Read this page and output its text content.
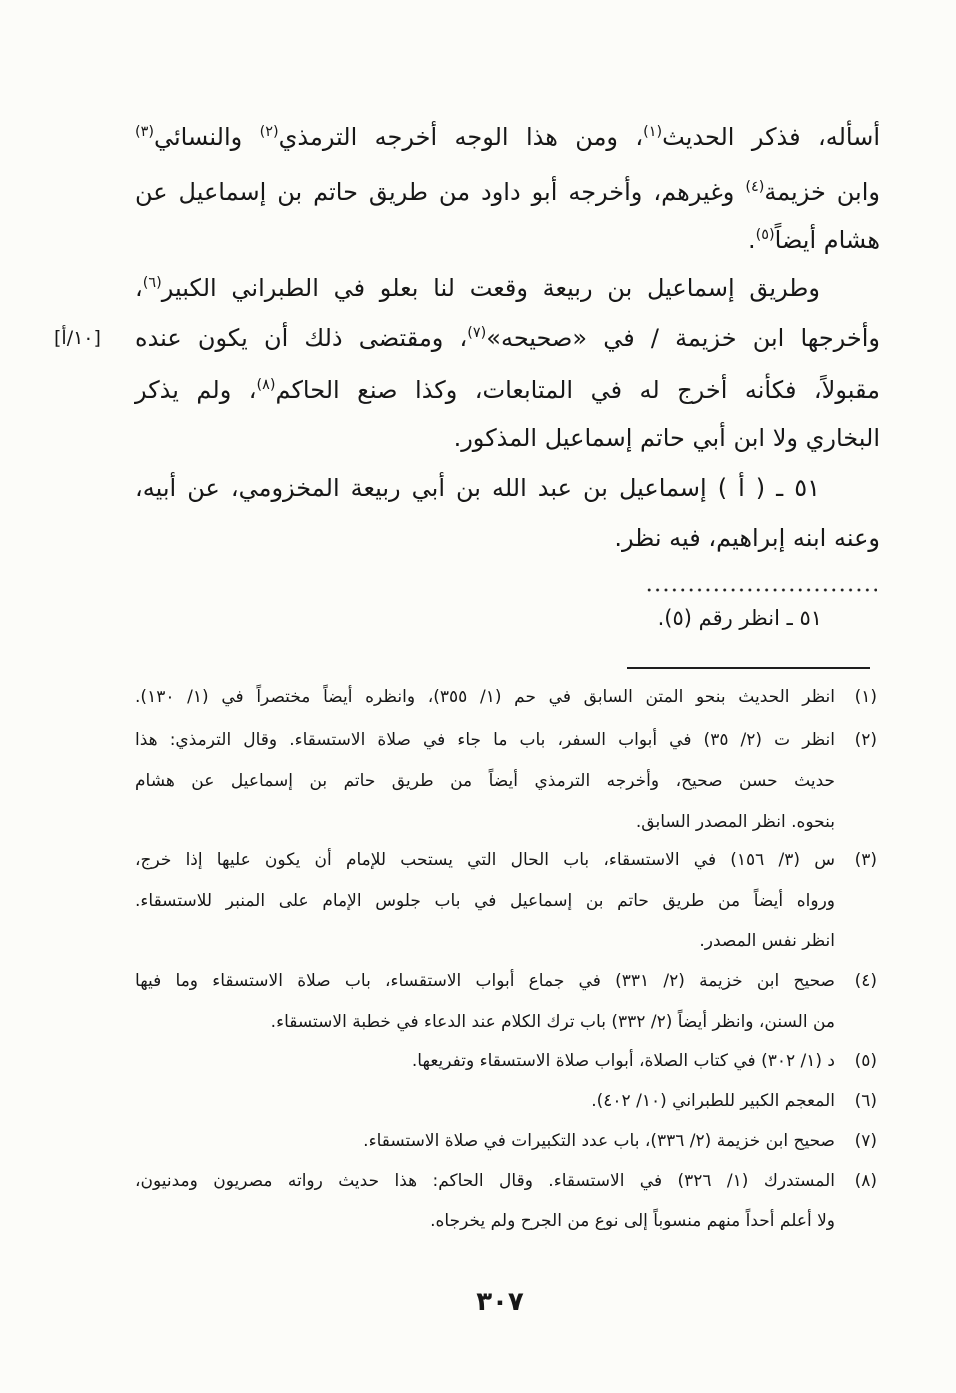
أسأله، فذكر الحديث$^{(١)}$، ومن هذا الوجه أخرجه الترمذي$^{(٢)}$ والنسائي$^{(٣)}$
وابن خزيمة$^{(٤)}$ وغيرهم، وأخرجه أبو داود من طريق حاتم بن إسماعيل عن
هشام أيضاً$^{(٥)}$.
وطريق إسماعيل بن ربيعة وقعت لنا بعلو في الطبراني الكبير$^{(٦)}$،
وأخرجها ابن خزيمة / في «صحيحه»$^{(٧)}$، ومقتضى ذلك أن يكون عنده
[١٠/أ]
مقبولاً، فكأنه أخرج له في المتابعات، وكذا صنع الحاكم$^{(٨)}$، ولم يذكر
البخاري ولا ابن أبي حاتم إسماعيل المذكور.
٥١ ـ ( أ ) إسماعيل بن عبد الله بن أبي ربيعة المخزومي، عن أبيه،
وعنه ابنه إبراهيم، فيه نظر.
٥١ ـ انظر رقم (٥).
(١)
انظر الحديث بنحو المتن السابق في حم (١/ ٣٥٥)، وانظره أيضاً مختصراً في (١/ ١٣٠).
(٢)
انظر ت (٢/ ٣٥) في أبواب السفر، باب ما جاء في صلاة الاستسقاء. وقال الترمذي: هذا
حديث حسن صحيح، وأخرجه الترمذي أيضاً من طريق حاتم بن إسماعيل عن هشام
بنحوه. انظر المصدر السابق.
(٣)
س (٣/ ١٥٦) في الاستسقاء، باب الحال التي يستحب للإمام أن يكون عليها إذا خرج،
ورواه أيضاً من طريق حاتم بن إسماعيل في باب جلوس الإمام على المنبر للاستسقاء.
انظر نفس المصدر.
(٤)
صحيح ابن خزيمة (٢/ ٣٣١) في جماع أبواب الاستقساء، باب صلاة الاستسقاء وما فيها
من السنن، وانظر أيضاً (٢/ ٣٣٢) باب ترك الكلام عند الدعاء في خطبة الاستسقاء.
(٥)
د (١/ ٣٠٢) في كتاب الصلاة، أبواب صلاة الاستسقاء وتفريعها.
(٦)
المعجم الكبير للطبراني (١٠/ ٤٠٢).
(٧)
صحيح ابن خزيمة (٢/ ٣٣٦)، باب عدد التكبيرات في صلاة الاستسقاء.
(٨)
المستدرك (١/ ٣٢٦) في الاستسقاء. وقال الحاكم: هذا حديث رواته مصريون ومدنيون،
ولا أعلم أحداً منهم منسوباً إلى نوع من الجرح ولم يخرجاه.
٣٠٧
